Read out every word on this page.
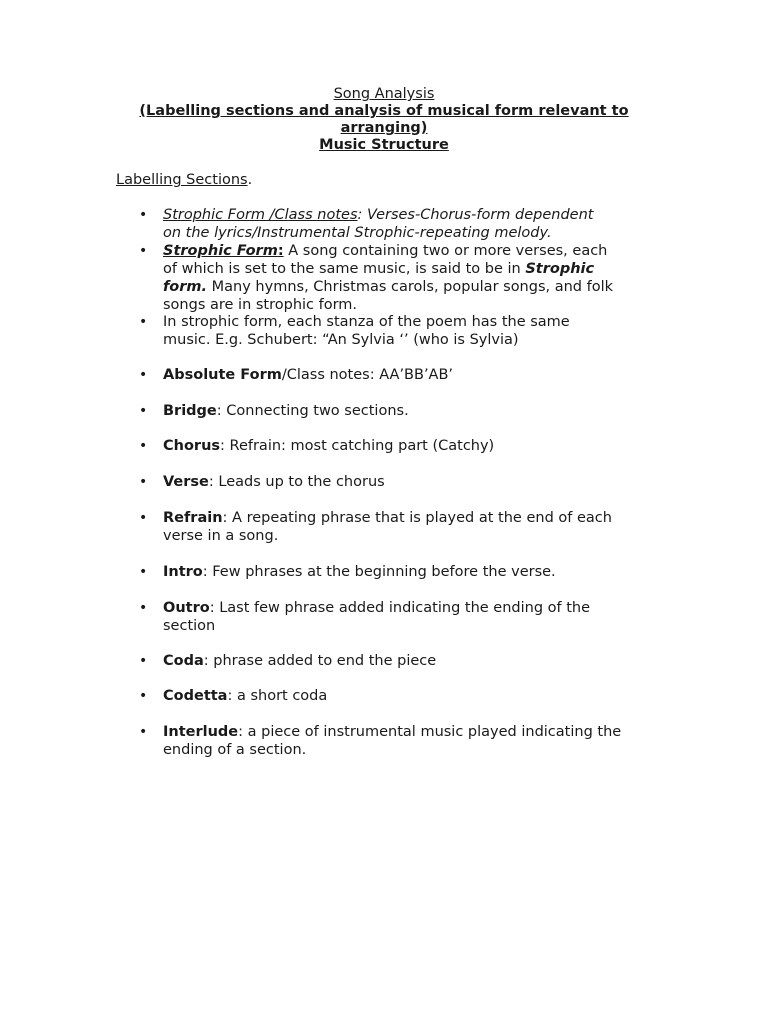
Song Analysis
(Labelling sections and analysis of musical form relevant to
arranging)
Music Structure
Labelling Sections.
• Strophic Form /Class notes: Verses-Chorus-form dependent
on the lyrics/Instrumental Strophic-repeating melody.
• Strophic Form: A song containing two or more verses, each
of which is set to the same music, is said to be in Strophic
form. Many hymns, Christmas carols, popular songs, and folk
songs are in strophic form.
• In strophic form, each stanza of the poem has the same
music. E.g. Schubert: “An Sylvia ‘’ (who is Sylvia)
• Absolute Form/Class notes: AA’BB’AB’
• Bridge: Connecting two sections.
• Chorus: Refrain: most catching part (Catchy)
• Verse: Leads up to the chorus
• Refrain: A repeating phrase that is played at the end of each
verse in a song.
• Intro: Few phrases at the beginning before the verse.
• Outro: Last few phrase added indicating the ending of the
section
• Coda: phrase added to end the piece
• Codetta: a short coda
• Interlude: a piece of instrumental music played indicating the
ending of a section.
